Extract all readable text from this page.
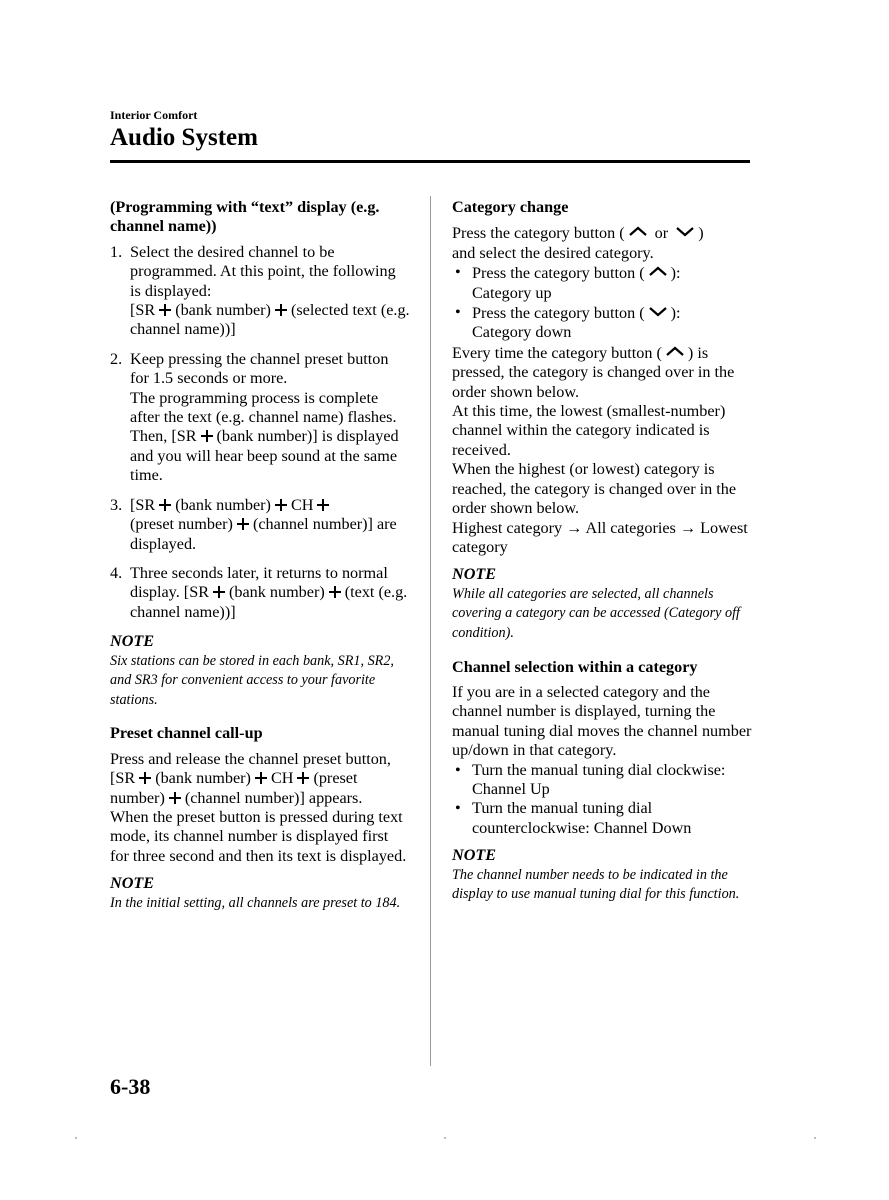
Interior Comfort
Audio System

(Programming with “text” display (e.g. channel name))

1. Select the desired channel to be programmed. At this point, the following is displayed:
[SR (bank number) (selected text (e.g. channel name))]
2. Keep pressing the channel preset button for 1.5 seconds or more.
The programming process is complete after the text (e.g. channel name) flashes. Then, [SR (bank number)] is displayed and you will hear beep sound at the same time.
3. [SR (bank number) CH
(preset number) (channel number)] are displayed.
4. Three seconds later, it returns to normal display. [SR (bank number) (text (e.g. channel name))]

NOTE

Six stations can be stored in each bank, SR1, SR2, and SR3 for convenient access to your favorite stations.

Preset channel call-up

Press and release the channel preset button,
[SR (bank number) CH (preset number) (channel number)] appears.
When the preset button is pressed during text mode, its channel number is displayed first for three second and then its text is displayed.

NOTE

In the initial setting, all channels are preset to 184.

Category change

Press the category button ( or )
and select the desired category.

• Press the category button ( ):
Category up
• Press the category button ( ):
Category down

Every time the category button ( ) is pressed, the category is changed over in the order shown below.

At this time, the lowest (smallest-number) channel within the category indicated is received.

When the highest (or lowest) category is reached, the category is changed over in the order shown below.

Highest category → All categories → Lowest category

NOTE

While all categories are selected, all channels covering a category can be accessed (Category off condition).

Channel selection within a category

If you are in a selected category and the channel number is displayed, turning the manual tuning dial moves the channel number up/down in that category.

• Turn the manual tuning dial clockwise: Channel Up
• Turn the manual tuning dial counterclockwise: Channel Down

NOTE

The channel number needs to be indicated in the display to use manual tuning dial for this function.

6-38
